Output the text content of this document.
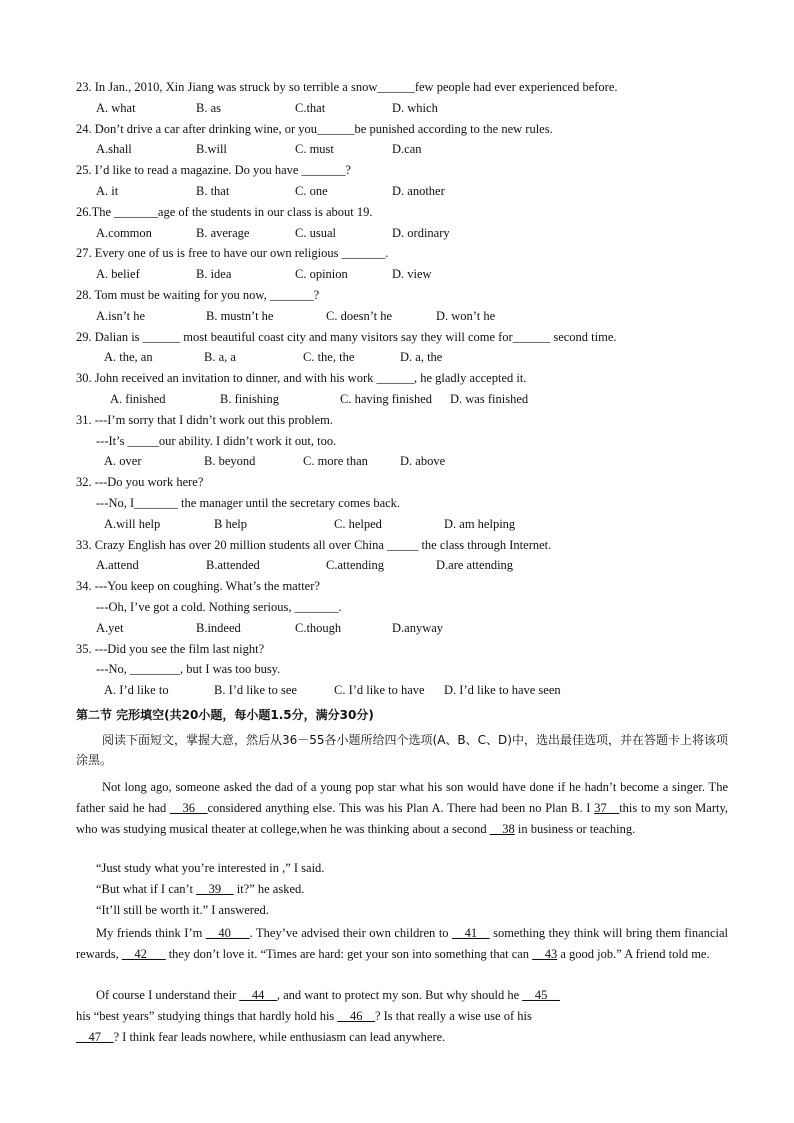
23. In Jan., 2010, Xin Jiang was struck by so terrible a snow______few people had ever experienced before.
A. what	B. as	C.that	D. which
24. Don’t drive a car after drinking wine, or you______be punished according to the new rules.
A.shall	B.will	C. must	D.can
25. I’d like to read a magazine. Do you have _______?
A. it	B. that	C. one	D. another
26.The _______age of the students in our class is about 19.
A.common	B. average	C. usual	D. ordinary
27. Every one of us is free to have our own religious _______.
A. belief	B. idea	C. opinion	D. view
28. Tom must be waiting for you now, _______?
A.isn’t he	B. mustn’t he	C. doesn’t he	D. won’t he
29. Dalian is ______ most beautiful coast city and many visitors say they will come for______ second time.
A. the, an	B. a, a	C. the, the	D. a, the
30. John received an invitation to dinner, and with his work ______, he gladly accepted it.
A. finished	B. finishing	C. having finished D. was finished
31. ---I’m sorry that I didn’t work out this problem.
---It’s _____our ability. I didn’t work it out, too.
A. over	B. beyond	C. more than	D. above
32. ---Do you work here?
---No, I_______ the manager until the secretary comes back.
A.will help	B help	C. helped	D. am helping
33. Crazy English has over 20 million students all over China _____ the class through Internet.
A.attend	B.attended	C.attending	D.are attending
34. ---You keep on coughing. What’s the matter?
---Oh, I’ve got a cold. Nothing serious, _______.
A.yet	B.indeed	C.though	D.anyway
35. ---Did you see the film last night?
---No, ________, but I was too busy.
A. I’d like to	B. I’d like to see	C. I’d like to have D. I’d like to have seen
第二节 完形填空(共20小题，每小题1.5分，满分30分)
阅读下面短文，掌握大意，然后从36－55各小题所给四个选项(A、B、C、D)中，选出最佳选项，并在答题卡上将该项涂黑。
Not long ago, someone asked the dad of a young pop star what his son would have done if he hadn’t become a singer. The father said he had __36__considered anything else. This was his Plan A. There had been no Plan B. I 37__this to my son Marty, who was studying musical theater at college,when he was thinking about a second __38 in business or teaching.
“Just study what you’re interested in ,” I said.
“But what if I can’t __39__ it?” he asked.
“It’ll still be worth it.” I answered.
My friends think I’m __40___. They’ve advised their own children to __41__ something they think will bring them financial rewards, __42___ they don’t love it. “Times are hard: get your son into something that can __43 a good job.” A friend told me.
Of course I understand their __44__, and want to protect my son. But why should he __45__
his “best years” studying things that hardly hold his __46__? Is that really a wise use of his
__47__? I think fear leads nowhere, while enthusiasm can lead anywhere.
